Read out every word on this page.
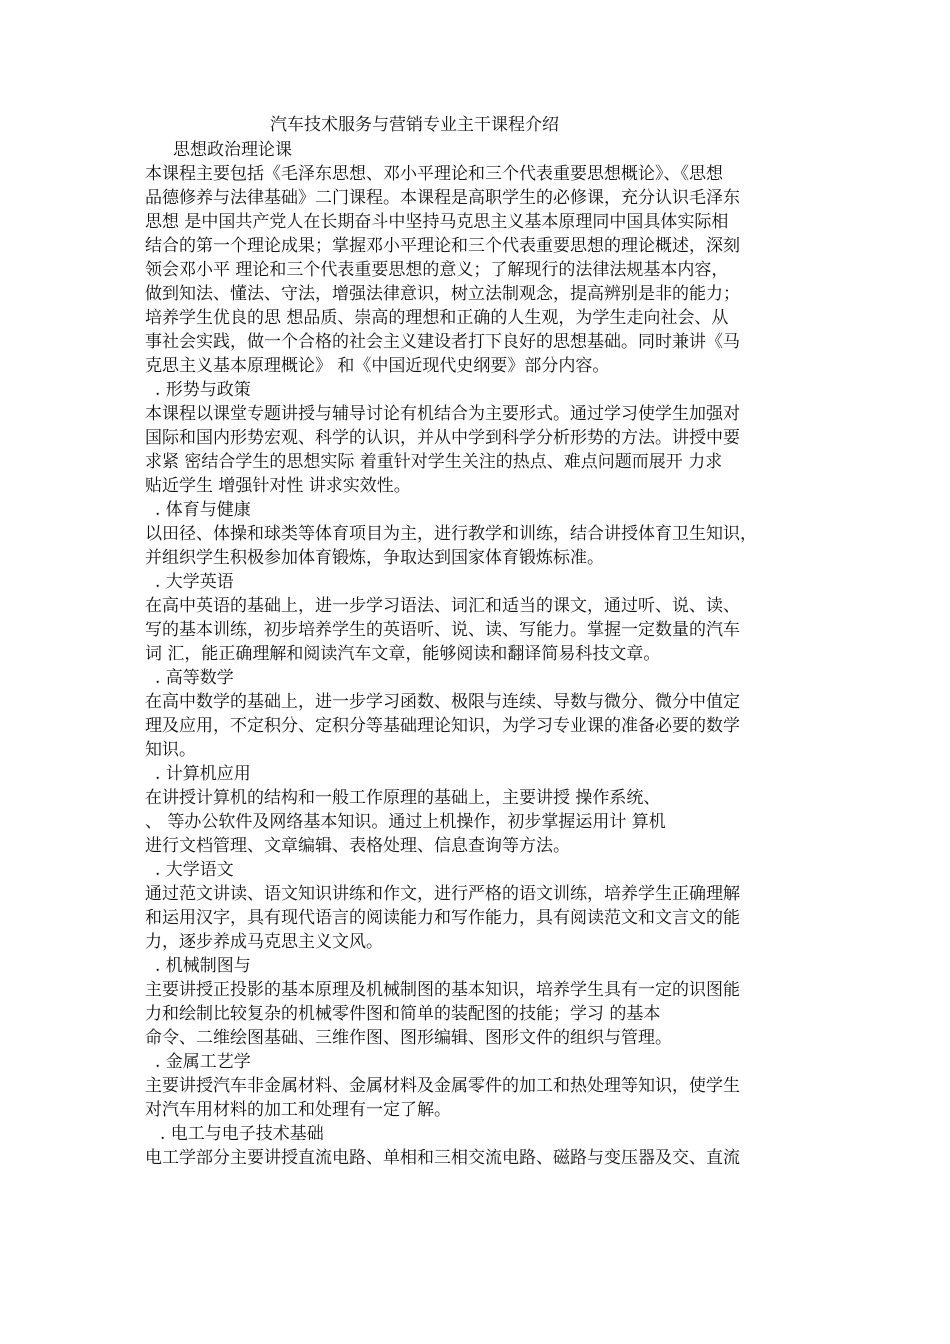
汽车技术服务与营销专业主干课程介绍
思想政治理论课
本课程主要包括《毛泽东思想、邓小平理论和三个代表重要思想概论》、《思想
品德修养与法律基础》二门课程。本课程是高职学生的必修课，充分认识毛泽东
思想 是中国共产党人在长期奋斗中坚持马克思主义基本原理同中国具体实际相
结合的第一个理论成果；掌握邓小平理论和三个代表重要思想的理论概述，深刻
领会邓小平 理论和三个代表重要思想的意义；了解现行的法律法规基本内容，
做到知法、懂法、守法，增强法律意识，树立法制观念，提高辨别是非的能力；
培养学生优良的思 想品质、崇高的理想和正确的人生观，为学生走向社会、从
事社会实践，做一个合格的社会主义建设者打下良好的思想基础。同时兼讲《马
克思主义基本原理概论》 和《中国近现代史纲要》部分内容。
. 形势与政策
本课程以课堂专题讲授与辅导讨论有机结合为主要形式。通过学习使学生加强对
国际和国内形势宏观、科学的认识，并从中学到科学分析形势的方法。讲授中要
求紧 密结合学生的思想实际 着重针对学生关注的热点、难点问题而展开 力求
贴近学生 增强针对性 讲求实效性。
. 体育与健康
以田径、体操和球类等体育项目为主，进行教学和训练，结合讲授体育卫生知识，
并组织学生积极参加体育锻炼，争取达到国家体育锻炼标准。
. 大学英语
在高中英语的基础上，进一步学习语法、词汇和适当的课文，通过听、说、读、
写的基本训练，初步培养学生的英语听、说、读、写能力。掌握一定数量的汽车
词 汇，能正确理解和阅读汽车文章，能够阅读和翻译简易科技文章。
. 高等数学
在高中数学的基础上，进一步学习函数、极限与连续、导数与微分、微分中值定
理及应用，不定积分、定积分等基础理论知识，为学习专业课的准备必要的数学
知识。
. 计算机应用
在讲授计算机的结构和一般工作原理的基础上，主要讲授 操作系统、
、 等办公软件及网络基本知识。通过上机操作，初步掌握运用计 算机
进行文档管理、文章编辑、表格处理、信息查询等方法。
. 大学语文
通过范文讲读、语文知识讲练和作文，进行严格的语文训练，培养学生正确理解
和运用汉字，具有现代语言的阅读能力和写作能力，具有阅读范文和文言文的能
力，逐步养成马克思主义文风。
. 机械制图与
主要讲授正投影的基本原理及机械制图的基本知识，培养学生具有一定的识图能
力和绘制比较复杂的机械零件图和简单的装配图的技能；学习 的基本
命令、二维绘图基础、三维作图、图形编辑、图形文件的组织与管理。
. 金属工艺学
主要讲授汽车非金属材料、金属材料及金属零件的加工和热处理等知识，使学生
对汽车用材料的加工和处理有一定了解。
. 电工与电子技术基础
电工学部分主要讲授直流电路、单相和三相交流电路、磁路与变压器及交、直流
